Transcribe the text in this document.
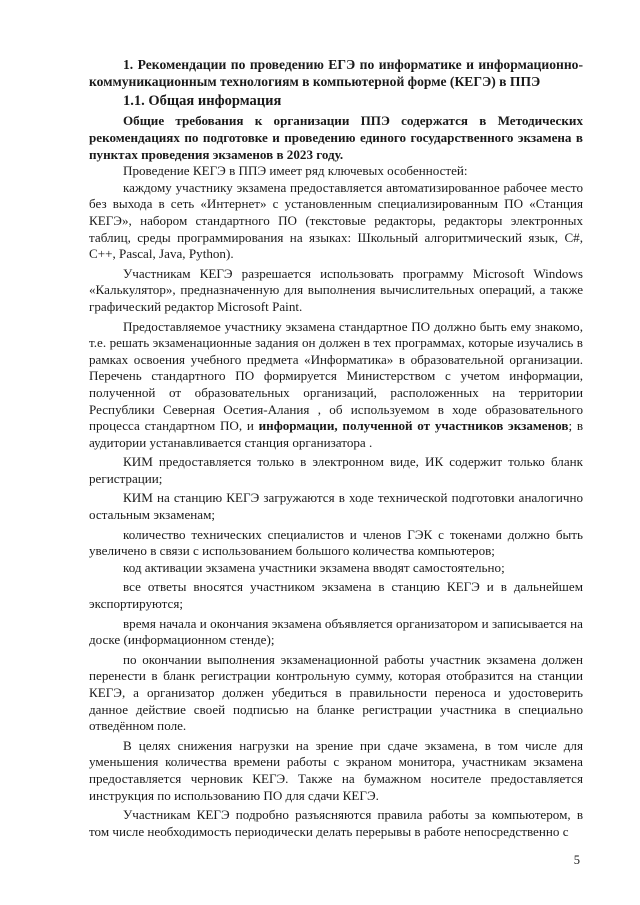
1. Рекомендации по проведению ЕГЭ по информатике и информационно-коммуникационным технологиям в компьютерной форме (КЕГЭ) в ППЭ

1.1. Общая информация

Общие требования к организации ППЭ содержатся в Методических рекомендациях по подготовке и проведению единого государственного экзамена в пунктах проведения экзаменов в 2023 году.

Проведение КЕГЭ в ППЭ имеет ряд ключевых особенностей:

каждому участнику экзамена предоставляется автоматизированное рабочее место без выхода в сеть «Интернет» с установленным специализированным ПО «Станция КЕГЭ», набором стандартного ПО (текстовые редакторы, редакторы электронных таблиц, среды программирования на языках: Школьный алгоритмический язык, C#, C++, Pascal, Java, Python).

Участникам КЕГЭ разрешается использовать программу Microsoft Windows «Калькулятор», предназначенную для выполнения вычислительных операций, а также графический редактор Microsoft Paint.

Предоставляемое участнику экзамена стандартное ПО должно быть ему знакомо, т.е. решать экзаменационные задания он должен в тех программах, которые изучались в рамках освоения учебного предмета «Информатика» в образовательной организации. Перечень стандартного ПО формируется Министерством с учетом информации, полученной от образовательных организаций, расположенных на территории Республики Северная Осетия-Алания , об используемом в ходе образовательного процесса стандартном ПО, и информации, полученной от участников экзаменов; в аудитории устанавливается станция организатора .

КИМ предоставляется только в электронном виде, ИК содержит только бланк регистрации;

КИМ на станцию КЕГЭ загружаются в ходе технической подготовки аналогично остальным экзаменам;

количество технических специалистов и членов ГЭК с токенами должно быть увеличено в связи с использованием большого количества компьютеров;

код активации экзамена участники экзамена вводят самостоятельно;

все ответы вносятся участником экзамена в станцию КЕГЭ и в дальнейшем экспортируются;

время начала и окончания экзамена объявляется организатором и записывается на доске (информационном стенде);

по окончании выполнения экзаменационной работы участник экзамена должен перенести в бланк регистрации контрольную сумму, которая отобразится на станции КЕГЭ, а организатор должен убедиться в правильности переноса и удостоверить данное действие своей подписью на бланке регистрации участника в специально отведённом поле.

В целях снижения нагрузки на зрение при сдаче экзамена, в том числе для уменьшения количества времени работы с экраном монитора, участникам экзамена предоставляется черновик КЕГЭ. Также на бумажном носителе предоставляется инструкция по использованию ПО для сдачи КЕГЭ.

Участникам КЕГЭ подробно разъясняются правила работы за компьютером, в том числе необходимость периодически делать перерывы в работе непосредственно с

5
